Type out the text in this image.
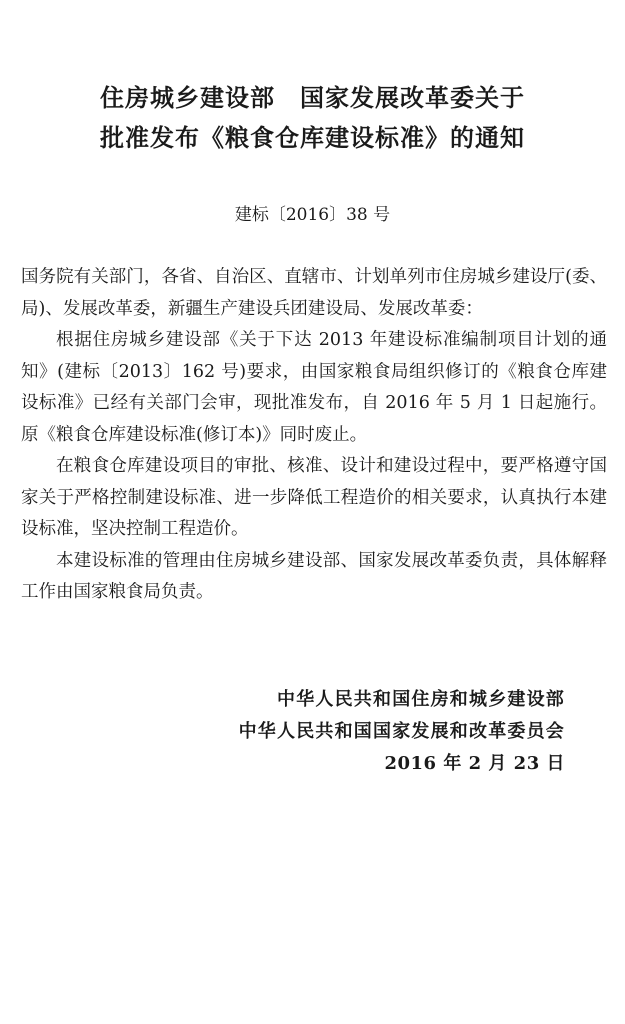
住房城乡建设部　国家发展改革委关于
批准发布《粮食仓库建设标准》的通知
建标〔2016〕38 号

国务院有关部门，各省、自治区、直辖市、计划单列市住房城乡建设厅(委、局)、发展改革委，新疆生产建设兵团建设局、发展改革委：

根据住房城乡建设部《关于下达 2013 年建设标准编制项目计划的通知》(建标〔2013〕162 号)要求，由国家粮食局组织修订的《粮食仓库建设标准》已经有关部门会审，现批准发布，自 2016 年 5 月 1 日起施行。原《粮食仓库建设标准(修订本)》同时废止。

在粮食仓库建设项目的审批、核准、设计和建设过程中，要严格遵守国家关于严格控制建设标准、进一步降低工程造价的相关要求，认真执行本建设标准，坚决控制工程造价。

本建设标准的管理由住房城乡建设部、国家发展改革委负责，具体解释工作由国家粮食局负责。

中华人民共和国住房和城乡建设部
中华人民共和国国家发展和改革委员会
2016 年 2 月 23 日
